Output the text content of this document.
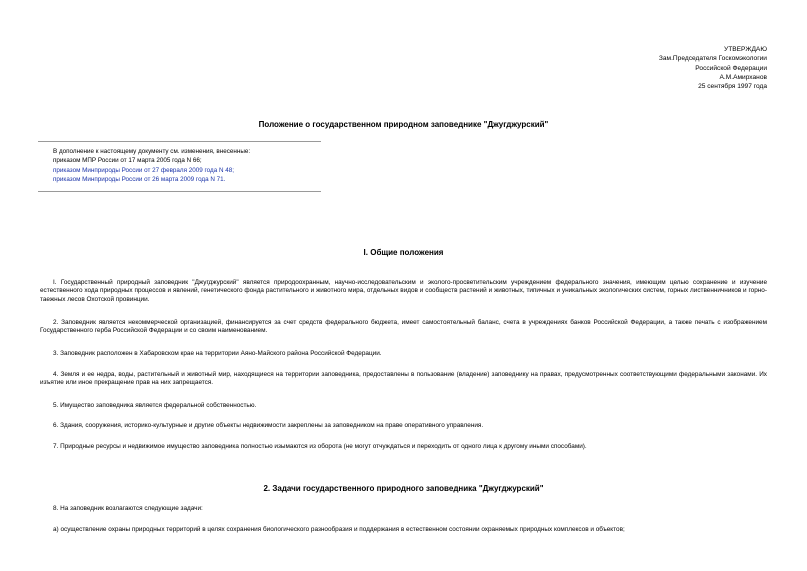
УТВЕРЖДАЮ
Зам.Председателя Госкомэкологии
Российской Федерации
А.М.Амирханов
25 сентября 1997 года
Положение о государственном природном заповеднике "Джугджурский"
В дополнение к настоящему документу см. изменения, внесенные:
приказом МПР России от 17 марта 2005 года N 66;
приказом Минприроды России от 27 февраля 2009 года N 48;
приказом Минприроды России от 26 марта 2009 года N 71.
I. Общие положения
I. Государственный природный заповедник "Джугджурский" является природоохранным, научно-исследовательским и эколого-просветительским учреждением федерального значения, имеющим целью сохранение и изучение естественного хода природных процессов и явлений, генетического фонда растительного и животного мира, отдельных видов и сообществ растений и животных, типичных и уникальных экологических систем, горных лиственничников и горно-таежных лесов Охотской провинции.
2. Заповедник является некоммерческой организацией, финансируется за счет средств федерального бюджета, имеет самостоятельный баланс, счета в учреждениях банков Российской Федерации, а также печать с изображением Государственного герба Российской Федерации и со своим наименованием.
3. Заповедник расположен в Хабаровском крае на территории Аяно-Майского района Российской Федерации.
4. Земля и ее недра, воды, растительный и животный мир, находящиеся на территории заповедника, предоставлены в пользование (владение) заповеднику на правах, предусмотренных соответствующими федеральными законами. Их изъятие или иное прекращение прав на них запрещается.
5. Имущество заповедника является федеральной собственностью.
6. Здания, сооружения, историко-культурные и другие объекты недвижимости закреплены за заповедником на праве оперативного управления.
7. Природные ресурсы и недвижимое имущество заповедника полностью изымаются из оборота (не могут отчуждаться и переходить от одного лица к другому иными способами).
2. Задачи государственного природного заповедника "Джугджурский"
8. На заповедник возлагаются следующие задачи:
а) осуществление охраны природных территорий в целях сохранения биологического разнообразия и поддержания в естественном состоянии охраняемых природных комплексов и объектов;
